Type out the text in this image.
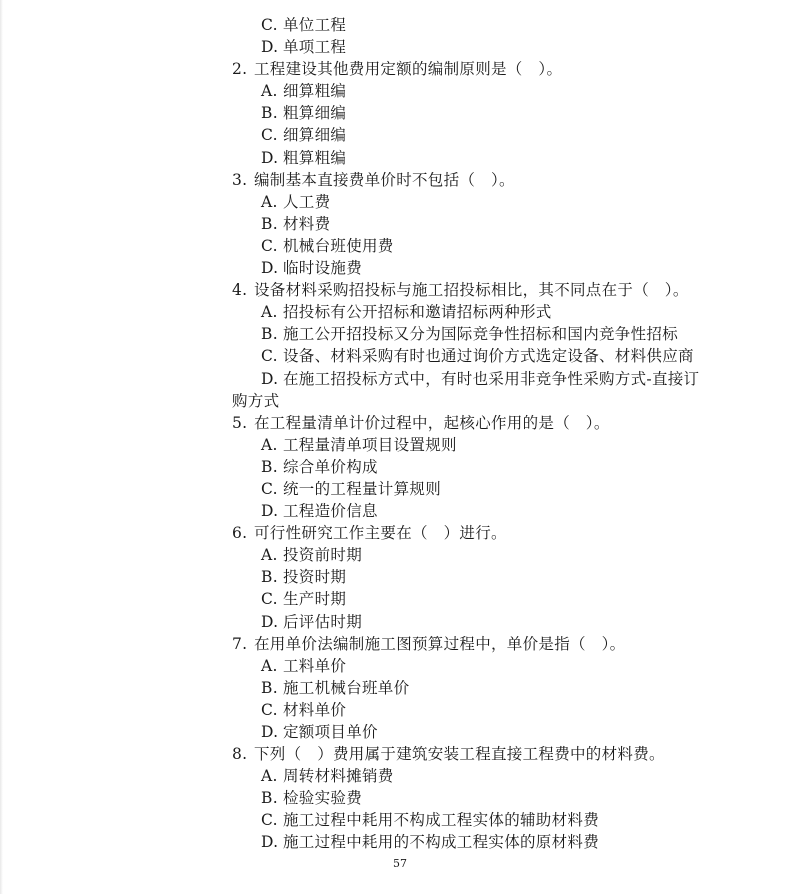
C. 单位工程
D. 单项工程
2. 工程建设其他费用定额的编制原则是（　）。
A. 细算粗编
B. 粗算细编
C. 细算细编
D. 粗算粗编
3. 编制基本直接费单价时不包括（　）。
A. 人工费
B. 材料费
C. 机械台班使用费
D. 临时设施费
4. 设备材料采购招投标与施工招投标相比，其不同点在于（　）。
A. 招投标有公开招标和邀请招标两种形式
B. 施工公开招投标又分为国际竞争性招标和国内竞争性招标
C. 设备、材料采购有时也通过询价方式选定设备、材料供应商
D. 在施工招投标方式中，有时也采用非竞争性采购方式-直接订
购方式
5. 在工程量清单计价过程中，起核心作用的是（　）。
A. 工程量清单项目设置规则
B. 综合单价构成
C. 统一的工程量计算规则
D. 工程造价信息
6. 可行性研究工作主要在（　）进行。
A. 投资前时期
B. 投资时期
C. 生产时期
D. 后评估时期
7. 在用单价法编制施工图预算过程中，单价是指（　）。
A. 工料单价
B. 施工机械台班单价
C. 材料单价
D. 定额项目单价
8. 下列（　）费用属于建筑安装工程直接工程费中的材料费。
A. 周转材料摊销费
B. 检验实验费
C. 施工过程中耗用不构成工程实体的辅助材料费
D. 施工过程中耗用的不构成工程实体的原材料费
57
